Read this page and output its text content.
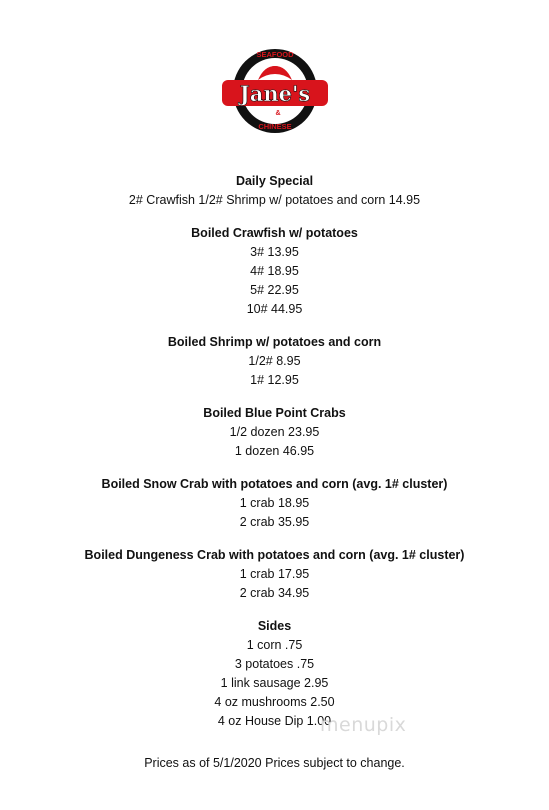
Jane's
SEAFOOD
&
CHINESE
Daily Special
2# Crawfish 1/2# Shrimp w/ potatoes and corn 14.95
Boiled Crawfish w/ potatoes
3# 13.95
4# 18.95
5# 22.95
10# 44.95
Boiled Shrimp w/ potatoes and corn
1/2# 8.95
1# 12.95
Boiled Blue Point Crabs
1/2 dozen 23.95
1 dozen 46.95
Boiled Snow Crab with potatoes and corn (avg. 1# cluster)
1 crab 18.95
2 crab 35.95
Boiled Dungeness Crab with potatoes and corn (avg. 1# cluster)
1 crab 17.95
2 crab 34.95
Sides
1 corn .75
3 potatoes .75
1 link sausage 2.95
4 oz mushrooms 2.50
4 oz House Dip 1.00
menupix
Prices as of 5/1/2020 Prices subject to change.
